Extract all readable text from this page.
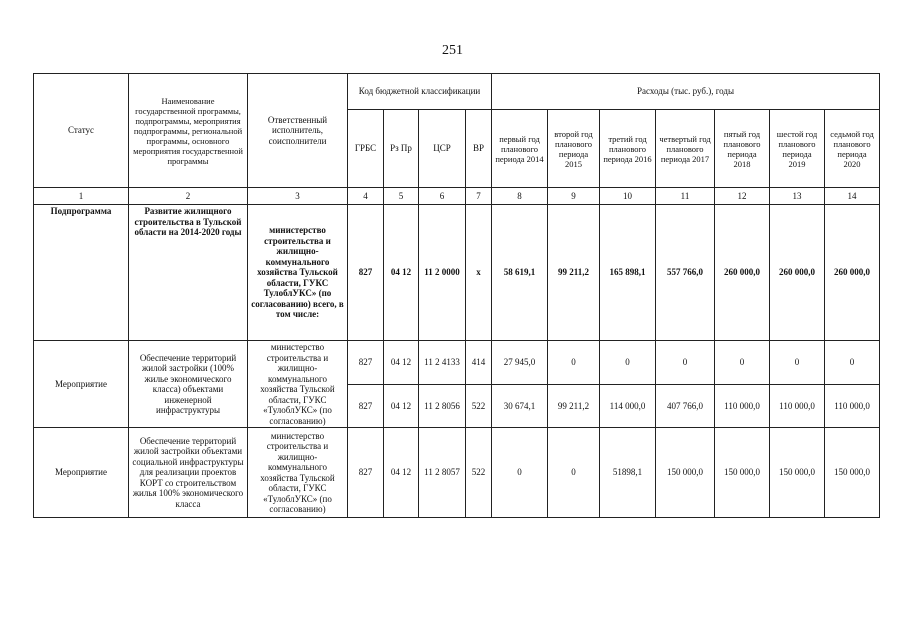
251
Статус	Наименование государственной программы, подпрограммы, мероприятия подпрограммы, региональной программы, основного мероприятия государственной программы	Ответственный исполнитель, соисполнители	Код бюджетной классификации				Расходы (тыс. руб.), годы						
			ГРБС	Рз Пр	ЦСР	ВР	первый год планового периода 2014	второй год планового периода 2015	третий год планового периода 2016	четвертый год планового периода 2017	пятый год планового периода 2018	шестой год планового периода 2019	седьмой год планового периода 2020
1	2	3	4	5	6	7	8	9	10	11	12	13	14
Подпрограмма	Развитие жилищного строительства в Тульской области на 2014-2020 годы	министерство строительства и жилищно-коммунального хозяйства Тульской области, ГУКС ТулоблУКС» (по согласованию) всего, в том числе:	827	04 12	11 2 0000	x	58 619,1	99 211,2	165 898,1	557 766,0	260 000,0	260 000,0	260 000,0
Мероприятие	Обеспечение территорий жилой застройки (100% жилье экономического класса) объектами инженерной инфраструктуры	министерство строительства и жилищно-коммунального хозяйства Тульской области, ГУКС «ТулоблУКС» (по согласованию)	827	04 12	11 2 4133	414	27 945,0	0	0	0	0	0	0
			827	04 12	11 2 8056	522	30 674,1	99 211,2	114 000,0	407 766,0	110 000,0	110 000,0	110 000,0
Мероприятие	Обеспечение территорий жилой застройки объектами социальной инфраструктуры для реализации проектов КОРТ со строительством жилья 100% экономического класса	министерство строительства и жилищно-коммунального хозяйства Тульской области, ГУКС «ТулоблУКС» (по согласованию)	827	04 12	11 2 8057	522	0	0	51898,1	150 000,0	150 000,0	150 000,0	150 000,0
